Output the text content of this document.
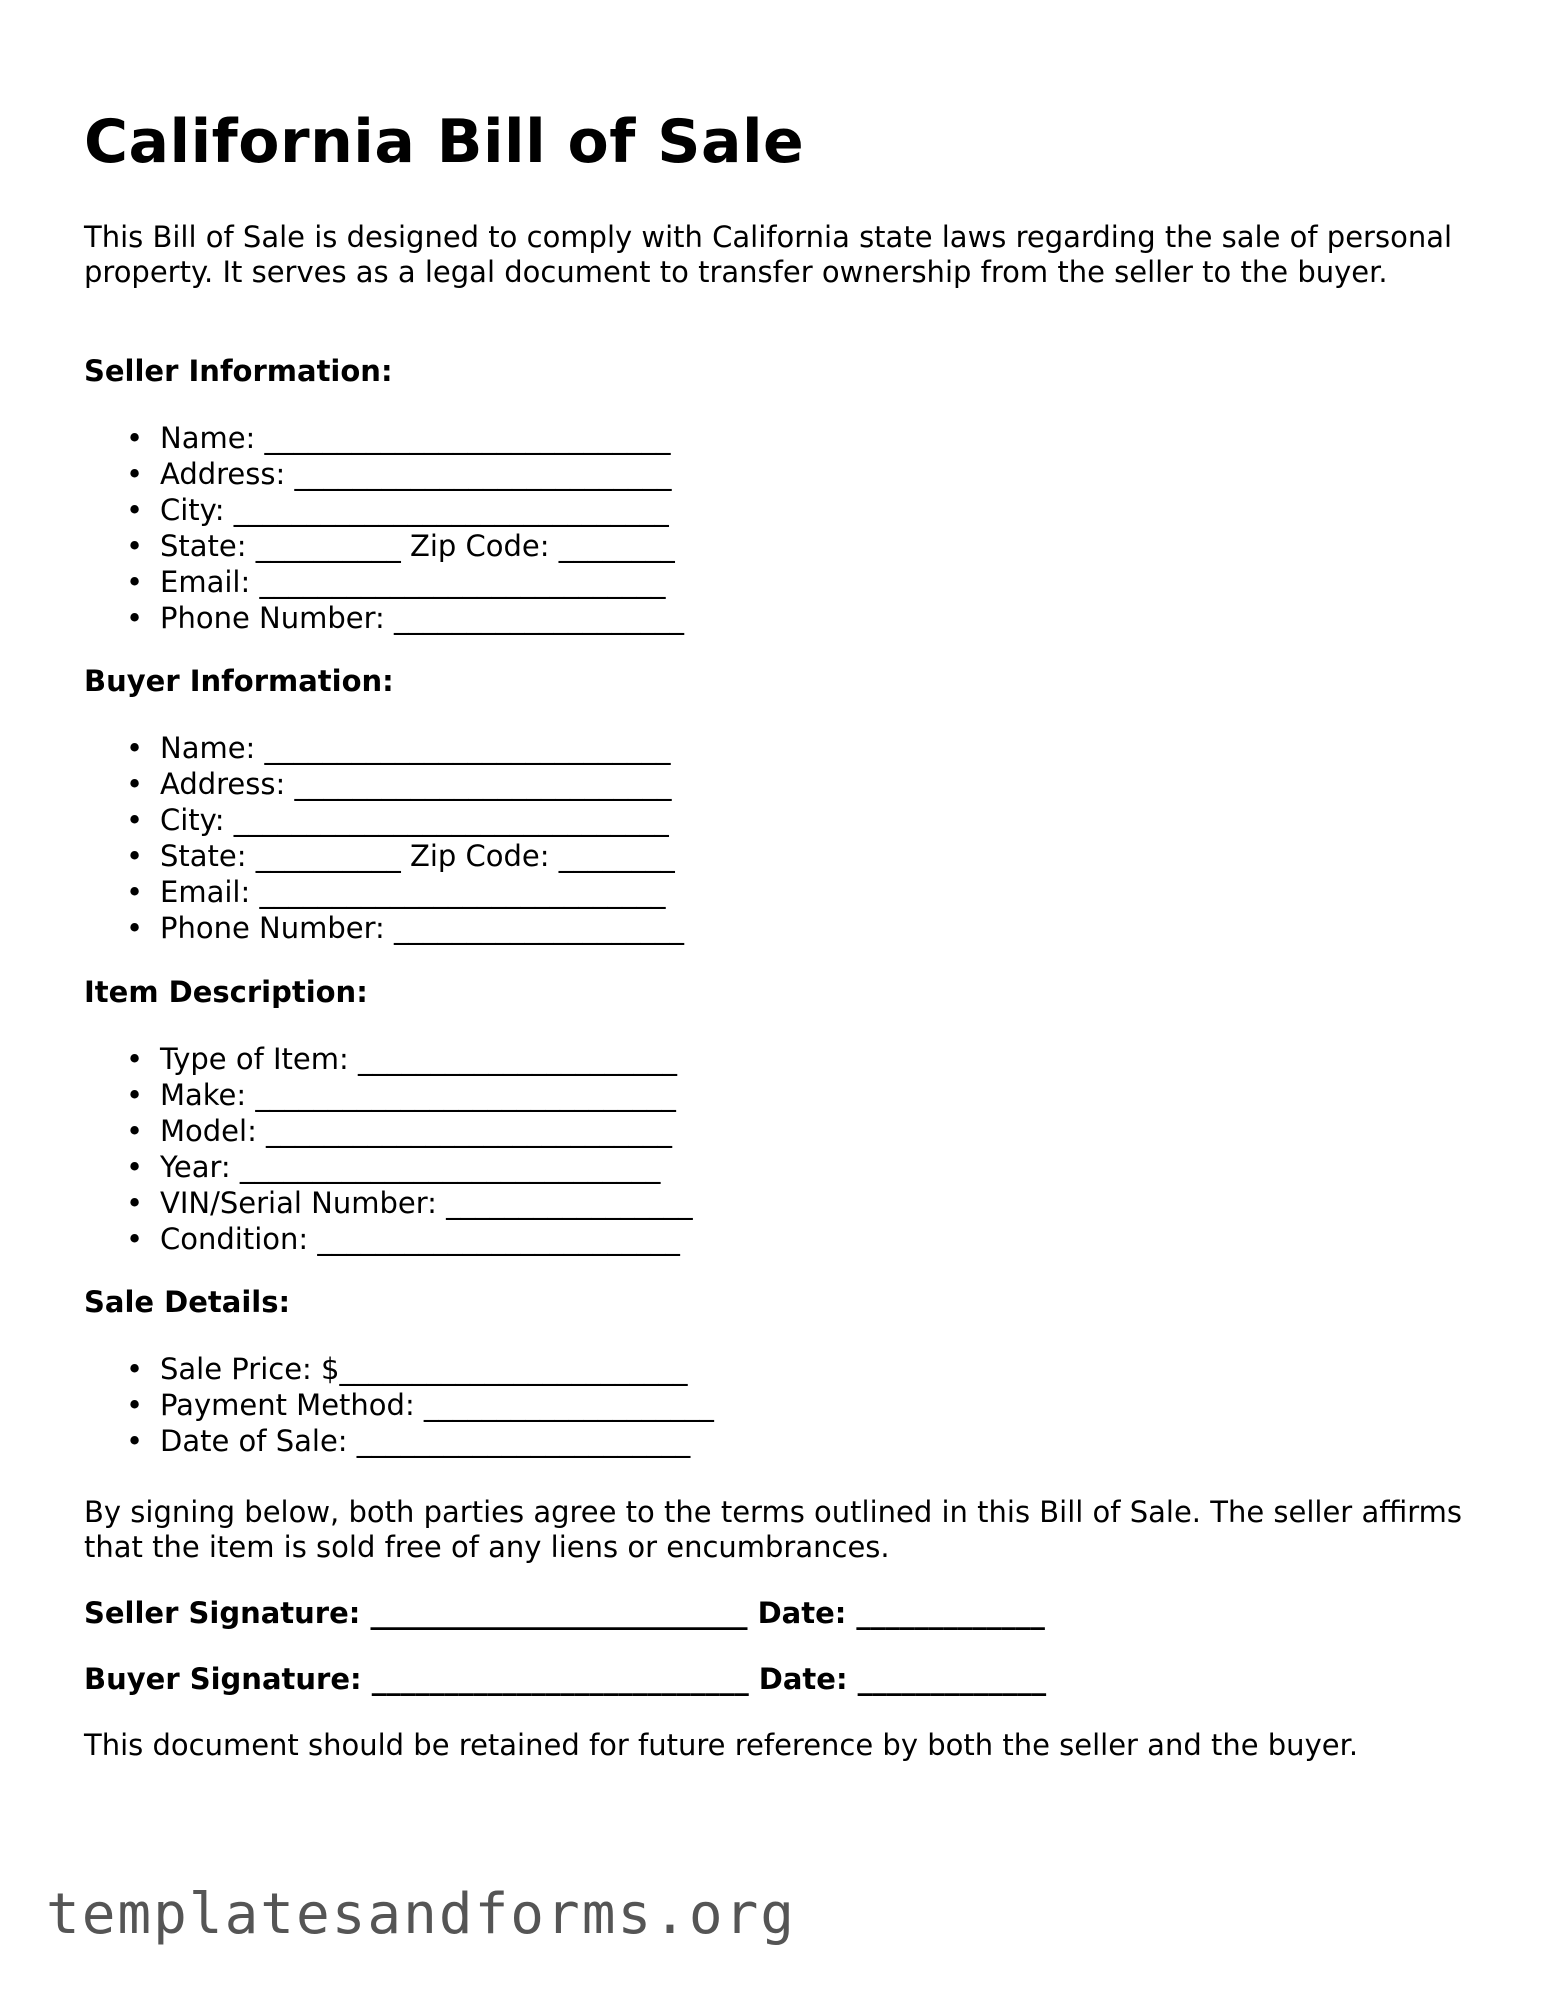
California Bill of Sale

This Bill of Sale is designed to comply with California state laws regarding the sale of personal property. It serves as a legal document to transfer ownership from the seller to the buyer.

Seller Information:

• Name: ____________________________
• Address: __________________________
• City: ______________________________
• State: __________ Zip Code: ________
• Email: ____________________________
• Phone Number: ____________________

Buyer Information:

• Name: ____________________________
• Address: __________________________
• City: ______________________________
• State: __________ Zip Code: ________
• Email: ____________________________
• Phone Number: ____________________

Item Description:

• Type of Item: ______________________
• Make: _____________________________
• Model: ____________________________
• Year: _____________________________
• VIN/Serial Number: _________________
• Condition: _________________________

Sale Details:

• Sale Price: $________________________
• Payment Method: ____________________
• Date of Sale: _______________________

By signing below, both parties agree to the terms outlined in this Bill of Sale. The seller affirms that the item is sold free of any liens or encumbrances.

Seller Signature: __________________________ Date: _____________

Buyer Signature: __________________________ Date: _____________

This document should be retained for future reference by both the seller and the buyer.

templatesandforms.org
